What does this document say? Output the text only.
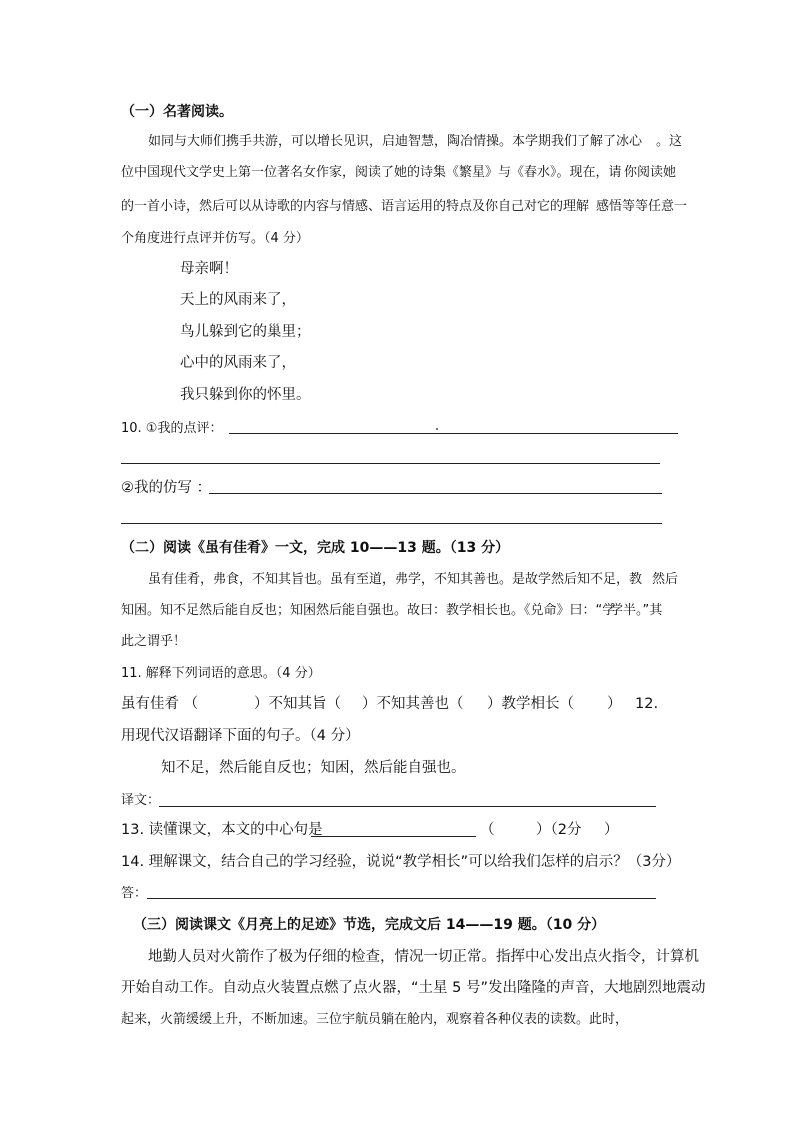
（一）名著阅读。
如同与大师们携手共游，可以增长见识，启迪智慧，陶冶情操。本学期我们了解了冰心 。这
位中国现代文学史上第一位著名女作家，阅读了她的诗集《繁星》与《春水》。现在，请 你阅读她
的一首小诗，然后可以从诗歌的内容与情感、语言运用的特点及你自己对它的理解 感悟等等任意一
个角度进行点评并仿写。（4 分）
母亲啊！
天上的风雨来了，
鸟儿躲到它的巢里；
心中的风雨来了，
我只躲到你的怀里。
10. ①我的点评：
②我的仿写 ：
（二）阅读《虽有佳肴》一文，完成 10——13 题。（13 分）
虽有佳肴，弗食，不知其旨也。虽有至道，弗学，不知其善也。是故学然后知不足，教 然后
知困。知不足然后能自反也；知困然后能自强也。故曰：教学相长也。《兑命》曰：“学
学半。”其
此之谓乎！
11. 解释下列词语的意思。（4 分）
虽有佳肴 （	）不知其旨（ ）不知其善也（ ）教学相长（ ） 12.
用现代汉语翻译下面的句子。（4 分）
知不足，然后能自反也；知困，然后能自强也。
译文：
13. 读懂课文，本文的中心句是	（	）（2分 ）
14. 理解课文，结合自己的学习经验，说说“教学相长”可以给我们怎样的启示？（3分）
答：
（三）阅读课文《月亮上的足迹》节选，完成文后 14——19 题。（10 分）
地勤人员对火箭作了极为仔细的检查，情况一切正常。指挥中心发出点火指令，计算机
开始自动工作。自动点火装置点燃了点火器，“土星 5 号”发出隆隆的声音，大地剧烈地震动
起来，火箭缓缓上升，不断加速。三位宇航员躺在舱内，观察着各种仪表的读数。此时，
